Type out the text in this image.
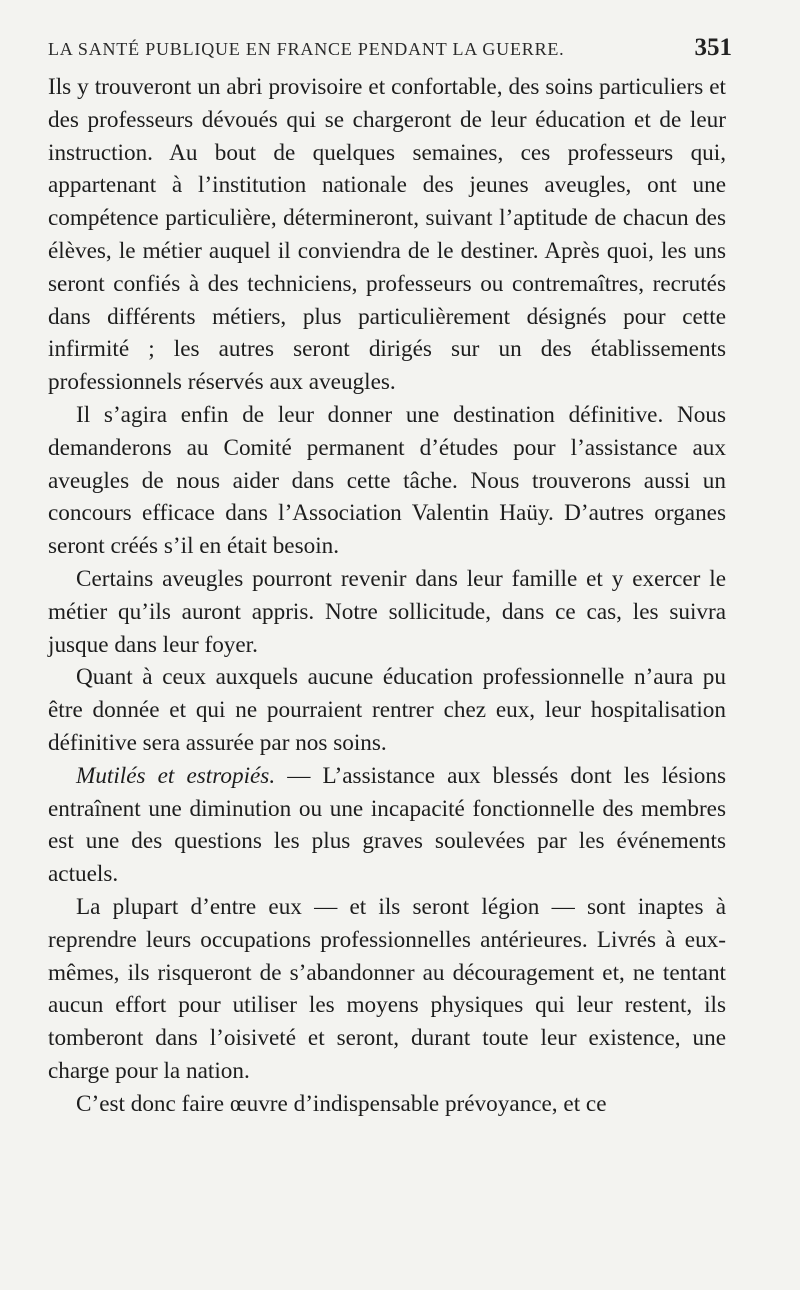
LA SANTÉ PUBLIQUE EN FRANCE PENDANT LA GUERRE.	351

Ils y trouveront un abri provisoire et confortable, des soins particuliers et des professeurs dévoués qui se chargeront de leur éducation et de leur instruction. Au bout de quelques semaines, ces professeurs qui, appartenant à l’institution nationale des jeunes aveugles, ont une compétence particulière, détermineront, suivant l’aptitude de chacun des élèves, le métier auquel il conviendra de le destiner. Après quoi, les uns seront confiés à des techniciens, professeurs ou contremaîtres, recrutés dans différents métiers, plus particulièrement désignés pour cette infirmité ; les autres seront dirigés sur un des établissements professionnels réservés aux aveugles.

Il s’agira enfin de leur donner une destination définitive. Nous demanderons au Comité permanent d’études pour l’assistance aux aveugles de nous aider dans cette tâche. Nous trouverons aussi un concours efficace dans l’Association Valentin Haüy. D’autres organes seront créés s’il en était besoin.

Certains aveugles pourront revenir dans leur famille et y exercer le métier qu’ils auront appris. Notre sollicitude, dans ce cas, les suivra jusque dans leur foyer.

Quant à ceux auxquels aucune éducation professionnelle n’aura pu être donnée et qui ne pourraient rentrer chez eux, leur hospitalisation définitive sera assurée par nos soins.

Mutilés et estropiés. — L’assistance aux blessés dont les lésions entraînent une diminution ou une incapacité fonctionnelle des membres est une des questions les plus graves soulevées par les événements actuels.

La plupart d’entre eux — et ils seront légion — sont inaptes à reprendre leurs occupations professionnelles antérieures. Livrés à eux-mêmes, ils risqueront de s’abandonner au découragement et, ne tentant aucun effort pour utiliser les moyens physiques qui leur restent, ils tomberont dans l’oisiveté et seront, durant toute leur existence, une charge pour la nation.

C’est donc faire œuvre d’indispensable prévoyance, et ce
